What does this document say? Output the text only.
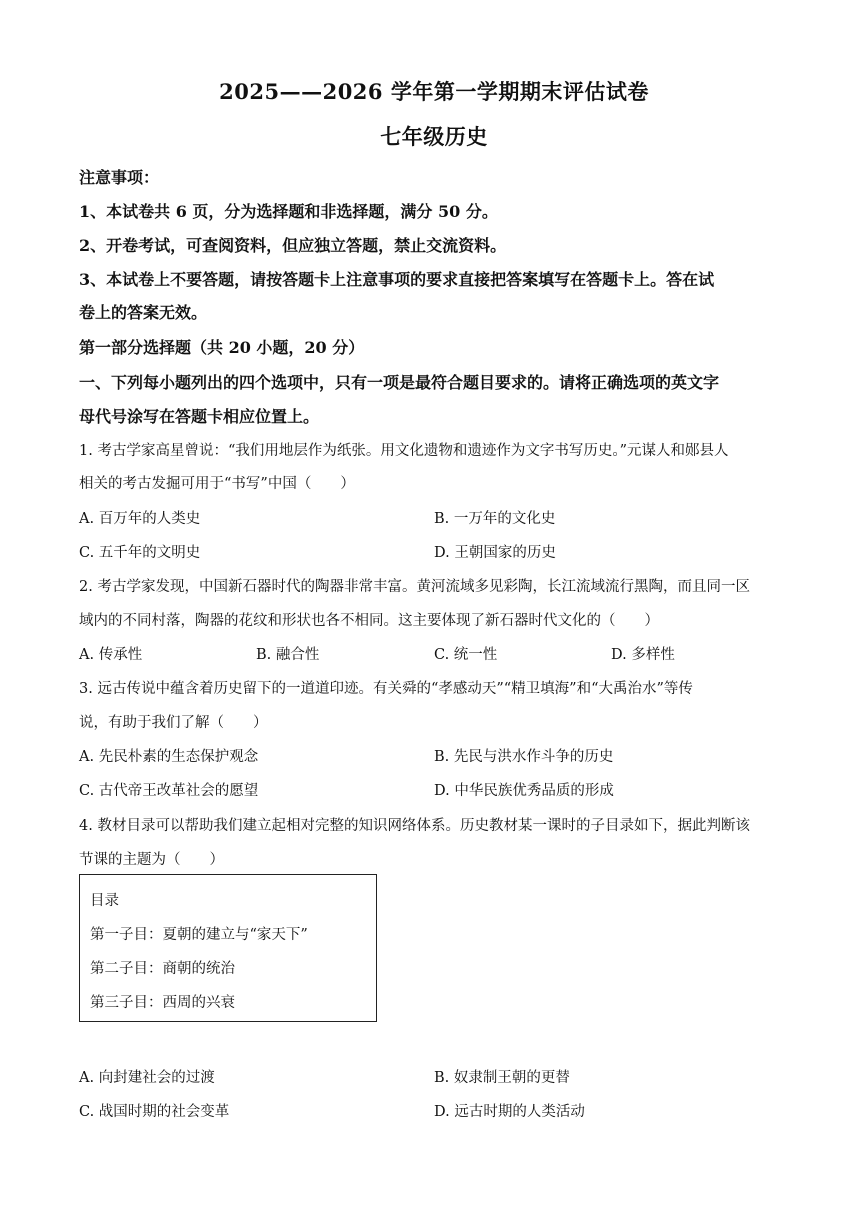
2025——2026 学年第一学期期末评估试卷
七年级历史
注意事项：
1、本试卷共 6 页，分为选择题和非选择题，满分 50 分。
2、开卷考试，可查阅资料，但应独立答题，禁止交流资料。
3、本试卷上不要答题，请按答题卡上注意事项的要求直接把答案填写在答题卡上。答在试
卷上的答案无效。
第一部分选择题（共 20 小题，20 分）
一、下列每小题列出的四个选项中，只有一项是最符合题目要求的。请将正确选项的英文字
母代号涂写在答题卡相应位置上。
1. 考古学家高星曾说：“我们用地层作为纸张。用文化遗物和遗迹作为文字书写历史。”元谋人和郧县人
相关的考古发掘可用于“书写”中国（　　）
A. 百万年的人类史	B. 一万年的文化史
C. 五千年的文明史	D. 王朝国家的历史
2. 考古学家发现，中国新石器时代的陶器非常丰富。黄河流域多见彩陶，长江流域流行黑陶，而且同一区
域内的不同村落，陶器的花纹和形状也各不相同。这主要体现了新石器时代文化的（　　）
A. 传承性	B. 融合性	C. 统一性	D. 多样性
3. 远古传说中蕴含着历史留下的一道道印迹。有关舜的“孝感动天”“精卫填海”和“大禹治水”等传
说，有助于我们了解（　　）
A. 先民朴素的生态保护观念	B. 先民与洪水作斗争的历史
C. 古代帝王改革社会的愿望	D. 中华民族优秀品质的形成
4. 教材目录可以帮助我们建立起相对完整的知识网络体系。历史教材某一课时的子目录如下，据此判断该
节课的主题为（　　）
目录
第一子目：夏朝的建立与“家天下”
第二子目：商朝的统治
第三子目：西周的兴衰
A. 向封建社会的过渡	B. 奴隶制王朝的更替
C. 战国时期的社会变革	D. 远古时期的人类活动
